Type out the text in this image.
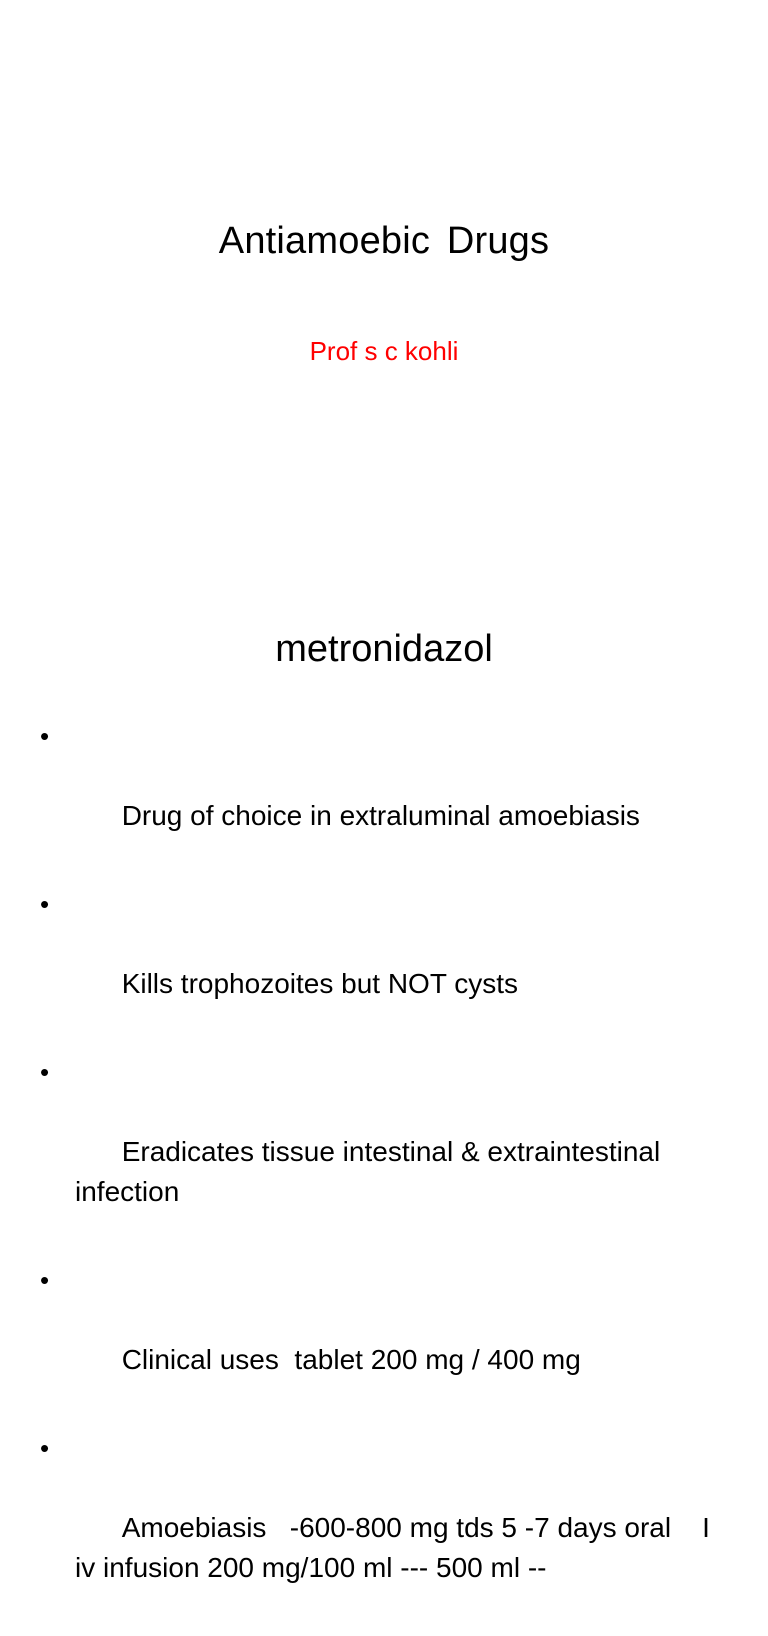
Antiamoebic Drugs
Prof s c kohli
metronidazol

•

Drug of choice in extraluminal amoebiasis

•

Kills trophozoites but NOT cysts

•

Eradicates tissue intestinal & extraintestinal infection

•

Clinical uses  tablet 200 mg / 400 mg

•

Amoebiasis   -600-800 mg tds 5 -7 days oral    I iv infusion 200 mg/100 ml --- 500 ml --
